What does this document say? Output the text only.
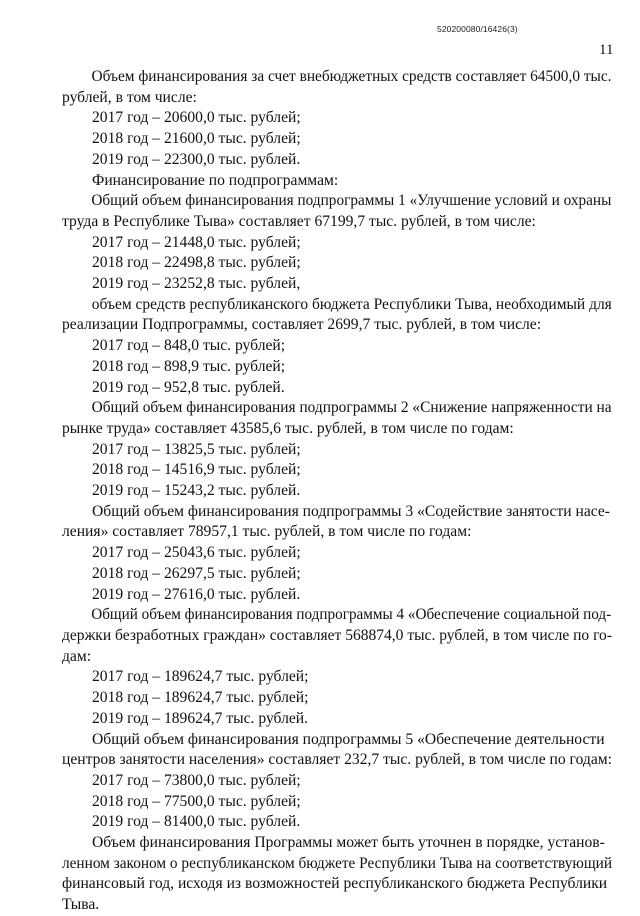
520200080/16426(3)
11
Объем финансирования за счет внебюджетных средств составляет 64500,0 тыс.
рублей, в том числе:
2017 год – 20600,0 тыс. рублей;
2018 год – 21600,0 тыс. рублей;
2019 год – 22300,0 тыс. рублей.
Финансирование по подпрограммам:
Общий объем финансирования подпрограммы 1 «Улучшение условий и охраны
труда в Республике Тыва» составляет 67199,7 тыс. рублей, в том числе:
2017 год – 21448,0 тыс. рублей;
2018 год – 22498,8 тыс. рублей;
2019 год – 23252,8 тыс. рублей,
объем средств республиканского бюджета Республики Тыва, необходимый для
реализации Подпрограммы, составляет 2699,7 тыс. рублей, в том числе:
2017 год – 848,0 тыс. рублей;
2018 год – 898,9 тыс. рублей;
2019 год – 952,8 тыс. рублей.
Общий объем финансирования подпрограммы 2 «Снижение напряженности на
рынке труда» составляет 43585,6 тыс. рублей, в том числе по годам:
2017 год – 13825,5 тыс. рублей;
2018 год – 14516,9 тыс. рублей;
2019 год – 15243,2 тыс. рублей.
Общий объем финансирования подпрограммы 3 «Содействие занятости насе-
ления» составляет 78957,1 тыс. рублей, в том числе по годам:
2017 год – 25043,6 тыс. рублей;
2018 год – 26297,5 тыс. рублей;
2019 год – 27616,0 тыс. рублей.
Общий объем финансирования подпрограммы 4 «Обеспечение социальной под-
держки безработных граждан» составляет 568874,0 тыс. рублей, в том числе по го-
дам:
2017 год – 189624,7 тыс. рублей;
2018 год – 189624,7 тыс. рублей;
2019 год – 189624,7 тыс. рублей.
Общий объем финансирования подпрограммы 5 «Обеспечение деятельности
центров занятости населения» составляет 232,7 тыс. рублей, в том числе по годам:
2017 год – 73800,0 тыс. рублей;
2018 год – 77500,0 тыс. рублей;
2019 год – 81400,0 тыс. рублей.
Объем финансирования Программы может быть уточнен в порядке, установ-
ленном законом о республиканском бюджете Республики Тыва на соответствующий
финансовый год, исходя из возможностей республиканского бюджета Республики
Тыва.
